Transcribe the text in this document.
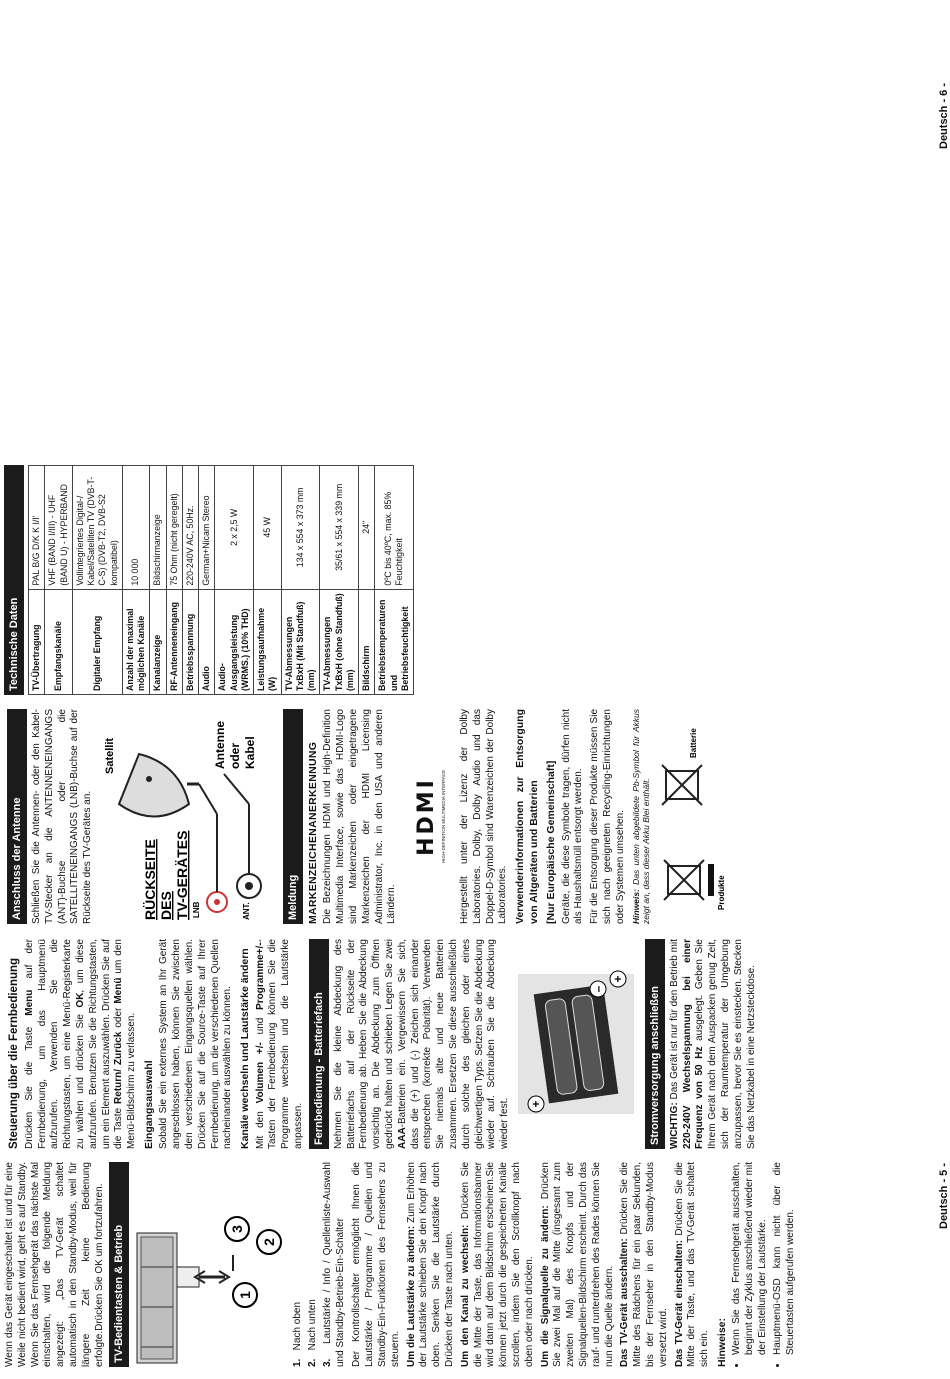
Wenn das Gerät eingeschaltet ist und für eine Weile nicht bedient wird, geht es auf Standby. Wenn Sie das Fernsehgerät das nächste Mal einschalten, wird die folgende Meldung angezeigt: „Das TV-Gerät schaltet automatisch in den Standby-Modus, weil für längere Zeit keine Bedienung erfolgte.Drücken Sie OK um fortzufahren. TV-Bedientasten & Betrieb	1
2
3
1.   Nach oben
2.   Nach unten
3.   Lautstärke / Info / Quellenliste-Auswahl und Standby-Betrieb-Ein-Schalter Der Kontrollschalter ermöglicht Ihnen die Lautstärke / Programme / Quellen und Standby-Ein-Funktionen des Fernsehers zu steuern. Um die Lautstärke zu ändern: Zum Erhöhen der Lautstärke schieben Sie den Knopf nach oben. Senken Sie die Lautstärke durch Drücken der Taste nach unten. Um den Kanal zu wechseln: Drücken Sie die Mitte der Taste, das Informationsbanner wird dann auf dem Bildschirm erscheinen.Sie können jetzt durch die gespeicherten Kanäle scrollen, indem Sie den Scrollknopf nach oben oder nach drücken. Um die Signalquelle zu ändern: Drücken Sie zwei Mal auf die Mitte (insgesamt zum zweiten Mal) des Knopfs und der Signalquellen-Bildschirm erscheint. Durch das rauf- und runterdrehen des Rades können Sie nun die Quelle ändern. Das TV-Gerät ausschalten: Drücken Sie die Mitte des Rädchens für ein paar Sekunden, bis der Fernseher in den Standby-Modus versetzt wird. Das TV-Gerät einschalten: Drücken Sie die Mitte der Taste, und das TV-Gerät schaltet sich ein. Hinweise: • Wenn Sie das Fernsehgerät ausschalten, beginnt der Zyklus anschließend wieder mit der Einstellung der Lautstärke. • Hauptmenü-OSD kann nicht über die Steuertasten aufgerufen werden.
Deutsch - 5 -
Steuerung über die Fernbedienung Drücken Sie die Taste Menu auf der Fernbedienung, um das Hauptmenü aufzurufen. Verwenden Sie die Richtungstasten, um eine Menü-Registerkarte zu wählen und drücken Sie OK, um diese aufzurufen. Benutzen Sie die Richtungstasten, um ein Element auszuwählen. Drücken Sie auf die Taste Return/ Zurück oder Menü um den Menü-Bildschirm zu verlassen. Eingangsauswahl Sobald Sie ein externes System an Ihr Gerät angeschlossen haben, können Sie zwischen den verschiedenen Eingangsquellen wählen. Drücken Sie auf die Source-Taste auf Ihrer Fernbedienung, um die verschiedenen Quellen nacheinander auswählen zu können. Kanäle wechseln und Lautstärke ändern Mit den Volumen +/- und Programme+/--Tasten der Fernbedienung können Sie die Programme wechseln und die Lautstärke anpassen. Fernbedienung - Batteriefach Nehmen Sie die kleine Abdeckung des Batteriefachs auf der Rückseite der Fernbedienung ab. Heben Sie die Abdeckung vorsichtig an. Die Abdeckung zum Öffnen gedrückt halten und schieben Legen Sie zwei AAA-Batterien ein. Vergewissern Sie sich, dass die (+) und (-) Zeichen sich einander entsprechen (korrekte Polarität). Verwenden Sie niemals alte und neue Batterien zusammen. Ersetzen Sie diese ausschließlich durch solche des gleichen oder eines gleichwertigen Typs. Setzen Sie die Abdeckung wieder auf. Schrauben Sie die Abdeckung wieder fest. +
+
–	Stromversorgung anschließen WICHTIG: Das Gerät ist nur für den Betrieb mit 220-240V Wechselspannung bei einer Frequenz von 50 Hz ausgelegt. Geben Sie Ihrem Gerät nach dem Auspacken genug Zeit, sich der Raumtemperatur der Umgebung anzupassen, bevor Sie es einstecken. Stecken Sie das Netzkabel in eine Netzsteckdose.

Anschluss der Antenne Schließen Sie die Antennen- oder den Kabel-TV-Stecker an die ANTENNENEINGANGS (ANT)-Buchse oder die SATELLITENEINGANGS (LNB)-Buchse auf der Rückseite des TV-Gerätes an.

Satellit
RÜCKSEITE DES TV-GERÄTES LNB	ANT.
Antenne oder Kabel
Meldung MARKENZEICHENANERKENNUNG Die Bezeichnungen HDMI und High-Definition Multimedia Interface, sowie das HDMI-Logo sind Markenzeichen oder eingetragene Markenzeichen der HDMI Licensing Administrator, Inc. in den USA und anderen Ländern.

HDMI HIGH-DEFINITION MULTIMEDIA INTERFACE Hergestellt unter der Lizenz der Dolby Laboratories. Dolby, Dolby Audio und das Doppel-D-Symbol sind Warenzeichen der Dolby Laboratories. Verwenderinformationen zur Entsorgung von Altgeräten und Batterien [Nur Europäische Gemeinschaft] Geräte, die diese Symbole tragen, dürfen nicht als Haushaltsmüll entsorgt werden. Für die Entsorgung dieser Produkte müssen Sie sich nach geeigneten Recycling-Einrichtungen oder Systemen umsehen. Hinweis: Das unten abgebildete Pb-Symbol für Akkus zeigt an, dass dieser Akku Blei enthält.	Produkte
Batterie
Technische Daten	TV-Übertragung	PAL B/G D/K K I/I'
Empfangskanäle	VHF (BAND I/III) - UHF (BAND U) - HYPERBAND
Digitaler Empfang	Vollintegriertes Digital-/ Kabel/Satelliten TV (DVB-T-C-S) (DVB-T2, DVB-S2 kompatibel)
Anzahl der maximal möglichen Kanäle	10 000
Kanalanzeige	Bildschirmanzeige
RF-Antenneneingang	75 Ohm (nicht geregelt)
Betriebsspannung	220-240V AC, 50Hz.
Audio	German+Nicam Stereo
Audio-Ausgangsleistung (WRMS.) (10% THD)	2 x 2,5 W
Leistungsaufnahme (W)	45 W
TV-Abmessungen TxBxH (Mit Standfuß) (mm)	134 x 554 x 373 mm
TV-Abmessungen TxBxH (ohne Standfuß) (mm)	35/61 x 554 x 339 mm
Bildschirm	24"
Betriebstemperaturen und Betriebsfeuchtigkeit	0ºC bis 40ºC, max. 85% Feuchtigkeit
Deutsch - 6 -
